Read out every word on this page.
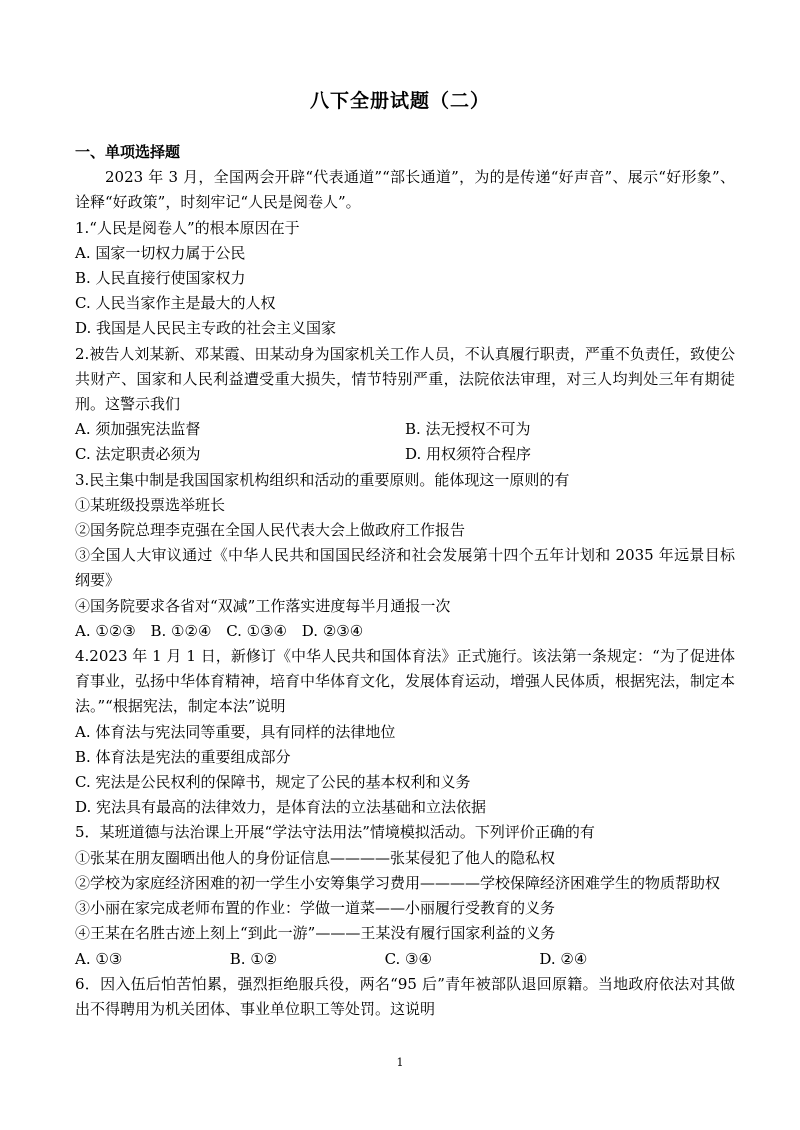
八下全册试题（二）

一、单项选择题

2023 年 3 月，全国两会开辟“代表通道”“部长通道”，为的是传递“好声音”、展示“好形象”、诠释“好政策”，时刻牢记“人民是阅卷人”。

1.“人民是阅卷人”的根本原因在于

A. 国家一切权力属于公民

B. 人民直接行使国家权力

C. 人民当家作主是最大的人权

D. 我国是人民民主专政的社会主义国家

2.被告人刘某新、邓某霞、田某动身为国家机关工作人员，不认真履行职责，严重不负责任，致使公共财产、国家和人民利益遭受重大损失，情节特别严重，法院依法审理，对三人均判处三年有期徒刑。这警示我们

A. 须加强宪法监督	B. 法无授权不可为
C. 法定职责必须为	D. 用权须符合程序

3.民主集中制是我国国家机构组织和活动的重要原则。能体现这一原则的有

①某班级投票选举班长

②国务院总理李克强在全国人民代表大会上做政府工作报告

③全国人大审议通过《中华人民共和国国民经济和社会发展第十四个五年计划和 2035 年远景目标纲要》

④国务院要求各省对“双减”工作落实进度每半月通报一次

A. ①②③ B. ①②④ C. ①③④ D. ②③④

4.2023 年 1 月 1 日，新修订《中华人民共和国体育法》正式施行。该法第一条规定：“为了促进体育事业，弘扬中华体育精神，培育中华体育文化，发展体育运动，增强人民体质，根据宪法，制定本法。”“根据宪法，制定本法”说明

A. 体育法与宪法同等重要，具有同样的法律地位

B. 体育法是宪法的重要组成部分

C. 宪法是公民权利的保障书，规定了公民的基本权利和义务

D. 宪法具有最高的法律效力，是体育法的立法基础和立法依据

5．某班道德与法治课上开展“学法守法用法”情境模拟活动。下列评价正确的有

①张某在朋友圈晒出他人的身份证信息————张某侵犯了他人的隐私权

②学校为家庭经济困难的初一学生小安筹集学习费用————学校保障经济困难学生的物质帮助权

③小丽在家完成老师布置的作业：学做一道菜——小丽履行受教育的义务

④王某在名胜古迹上刻上“到此一游”———王某没有履行国家利益的义务

A. ①③	B. ①②	C. ③④	D. ②④

6．因入伍后怕苦怕累，强烈拒绝服兵役，两名“95 后”青年被部队退回原籍。当地政府依法对其做出不得聘用为机关团体、事业单位职工等处罚。这说明

1
